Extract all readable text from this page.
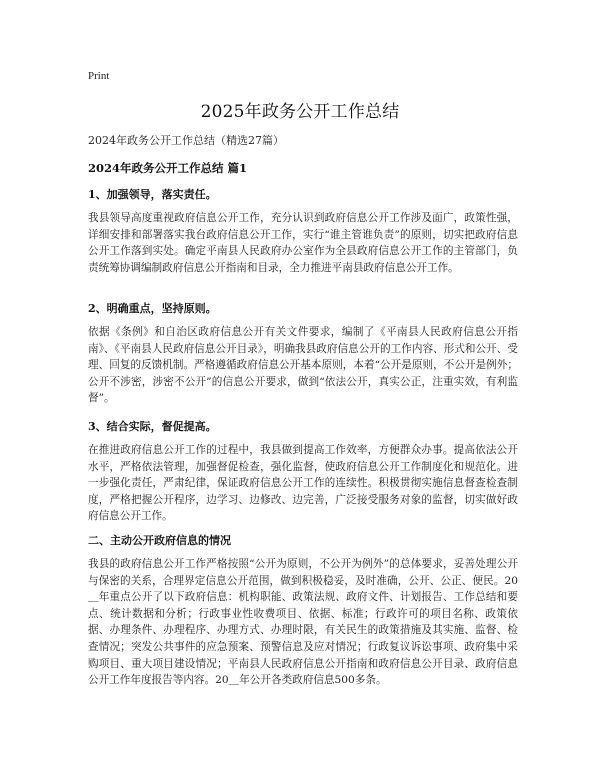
Print
2025年政务公开工作总结
2024年政务公开工作总结（精选27篇）
2024年政务公开工作总结 篇1
1、加强领导，落实责任。
我县领导高度重视政府信息公开工作，充分认识到政府信息公开工作涉及面广，政策性强，详细安排和部署落实我台政府信息公开工作，实行“谁主管谁负责”的原则，切实把政府信息公开工作落到实处。确定平南县人民政府办公室作为全县政府信息公开工作的主管部门，负责统筹协调编制政府信息公开指南和目录，全力推进平南县政府信息公开工作。
2、明确重点，坚持原则。
依据《条例》和自治区政府信息公开有关文件要求，编制了《平南县人民政府信息公开指南》、《平南县人民政府信息公开目录》，明确我县政府信息公开的工作内容、形式和公开、受理、回复的反馈机制。严格遵循政府信息公开基本原则，本着“公开是原则，不公开是例外；公开不涉密，涉密不公开”的信息公开要求，做到“依法公开，真实公正，注重实效，有利监督”。
3、结合实际，督促提高。
在推进政府信息公开工作的过程中，我县做到提高工作效率，方便群众办事。提高依法公开水平，严格依法管理，加强督促检查，强化监督，使政府信息公开工作制度化和规范化。进一步强化责任，严肃纪律，保证政府信息公开工作的连续性。积极贯彻实施信息督查检查制度，严格把握公开程序，边学习、边修改、边完善，广泛接受服务对象的监督，切实做好政府信息公开工作。
二、主动公开政府信息的情况
我县的政府信息公开工作严格按照“公开为原则，不公开为例外”的总体要求，妥善处理公开与保密的关系，合理界定信息公开范围，做到积极稳妥，及时准确，公开、公正、便民。20＿年重点公开了以下政府信息：机构职能、政策法规、政府文件、计划报告、工作总结和要点、统计数据和分析；行政事业性收费项目、依据、标准；行政许可的项目名称、政策依据、办理条件、办理程序、办理方式、办理时限，有关民生的政策措施及其实施、监督、检查情况；突发公共事件的应急预案、预警信息及应对情况；行政复议诉讼事项、政府集中采购项目、重大项目建设情况；平南县人民政府信息公开指南和政府信息公开目录、政府信息公开工作年度报告等内容。20＿年公开各类政府信息500多条。
